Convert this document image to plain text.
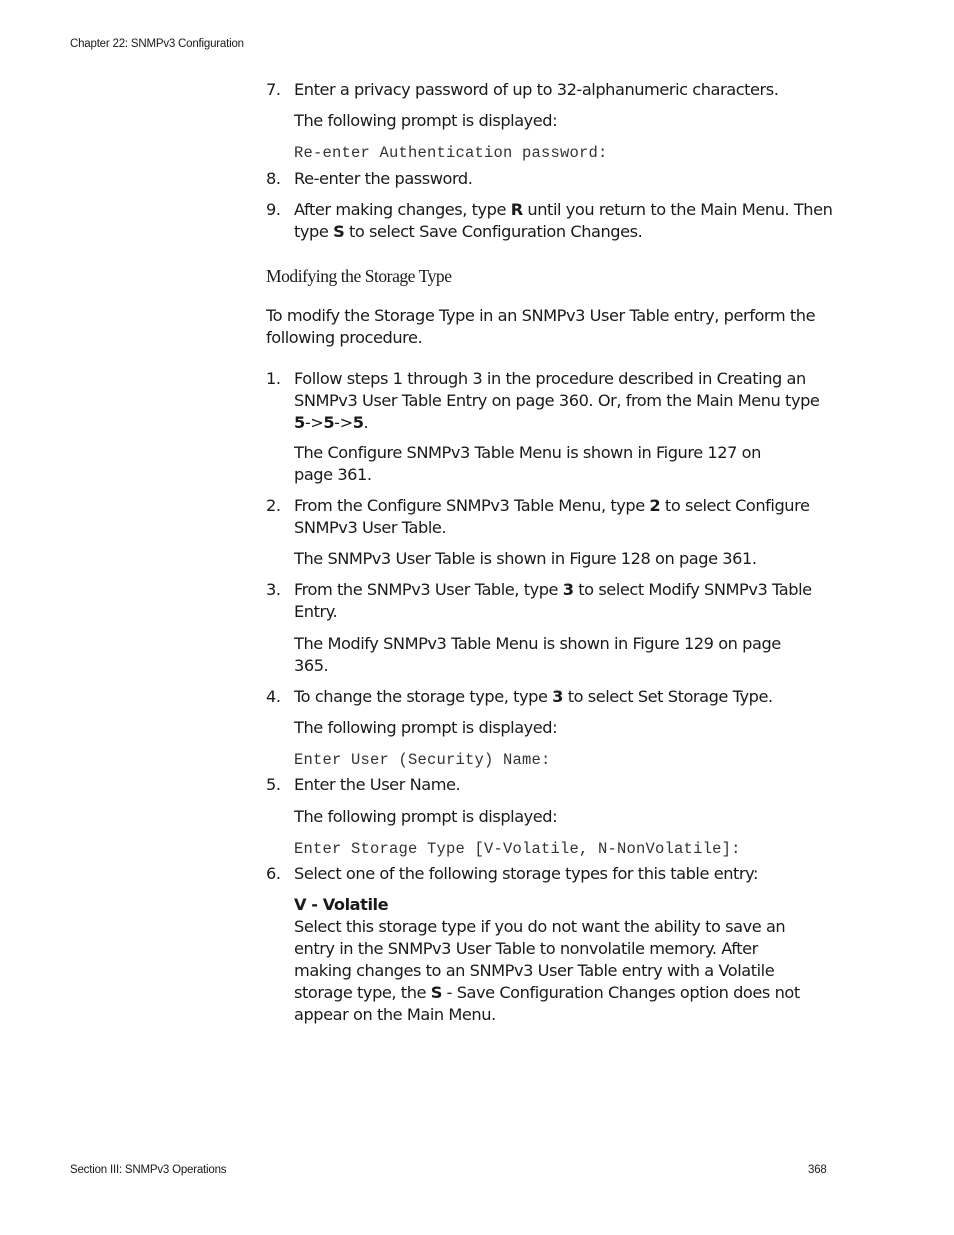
Chapter 22: SNMPv3 Configuration
7. Enter a privacy password of up to 32-alphanumeric characters.
The following prompt is displayed:
Re-enter Authentication password:
8. Re-enter the password.
9. After making changes, type R until you return to the Main Menu. Then type S to select Save Configuration Changes.
Modifying the Storage Type
To modify the Storage Type in an SNMPv3 User Table entry, perform the following procedure.
1. Follow steps 1 through 3 in the procedure described in Creating an SNMPv3 User Table Entry on page 360. Or, from the Main Menu type 5->5->5.
The Configure SNMPv3 Table Menu is shown in Figure 127 on page 361.
2. From the Configure SNMPv3 Table Menu, type 2 to select Configure SNMPv3 User Table.
The SNMPv3 User Table is shown in Figure 128 on page 361.
3. From the SNMPv3 User Table, type 3 to select Modify SNMPv3 Table Entry.
The Modify SNMPv3 Table Menu is shown in Figure 129 on page 365.
4. To change the storage type, type 3 to select Set Storage Type.
The following prompt is displayed:
Enter User (Security) Name:
5. Enter the User Name.
The following prompt is displayed:
Enter Storage Type [V-Volatile, N-NonVolatile]:
6. Select one of the following storage types for this table entry:
V - Volatile
Select this storage type if you do not want the ability to save an entry in the SNMPv3 User Table to nonvolatile memory. After making changes to an SNMPv3 User Table entry with a Volatile storage type, the S - Save Configuration Changes option does not appear on the Main Menu.
Section III: SNMPv3 Operations	368
